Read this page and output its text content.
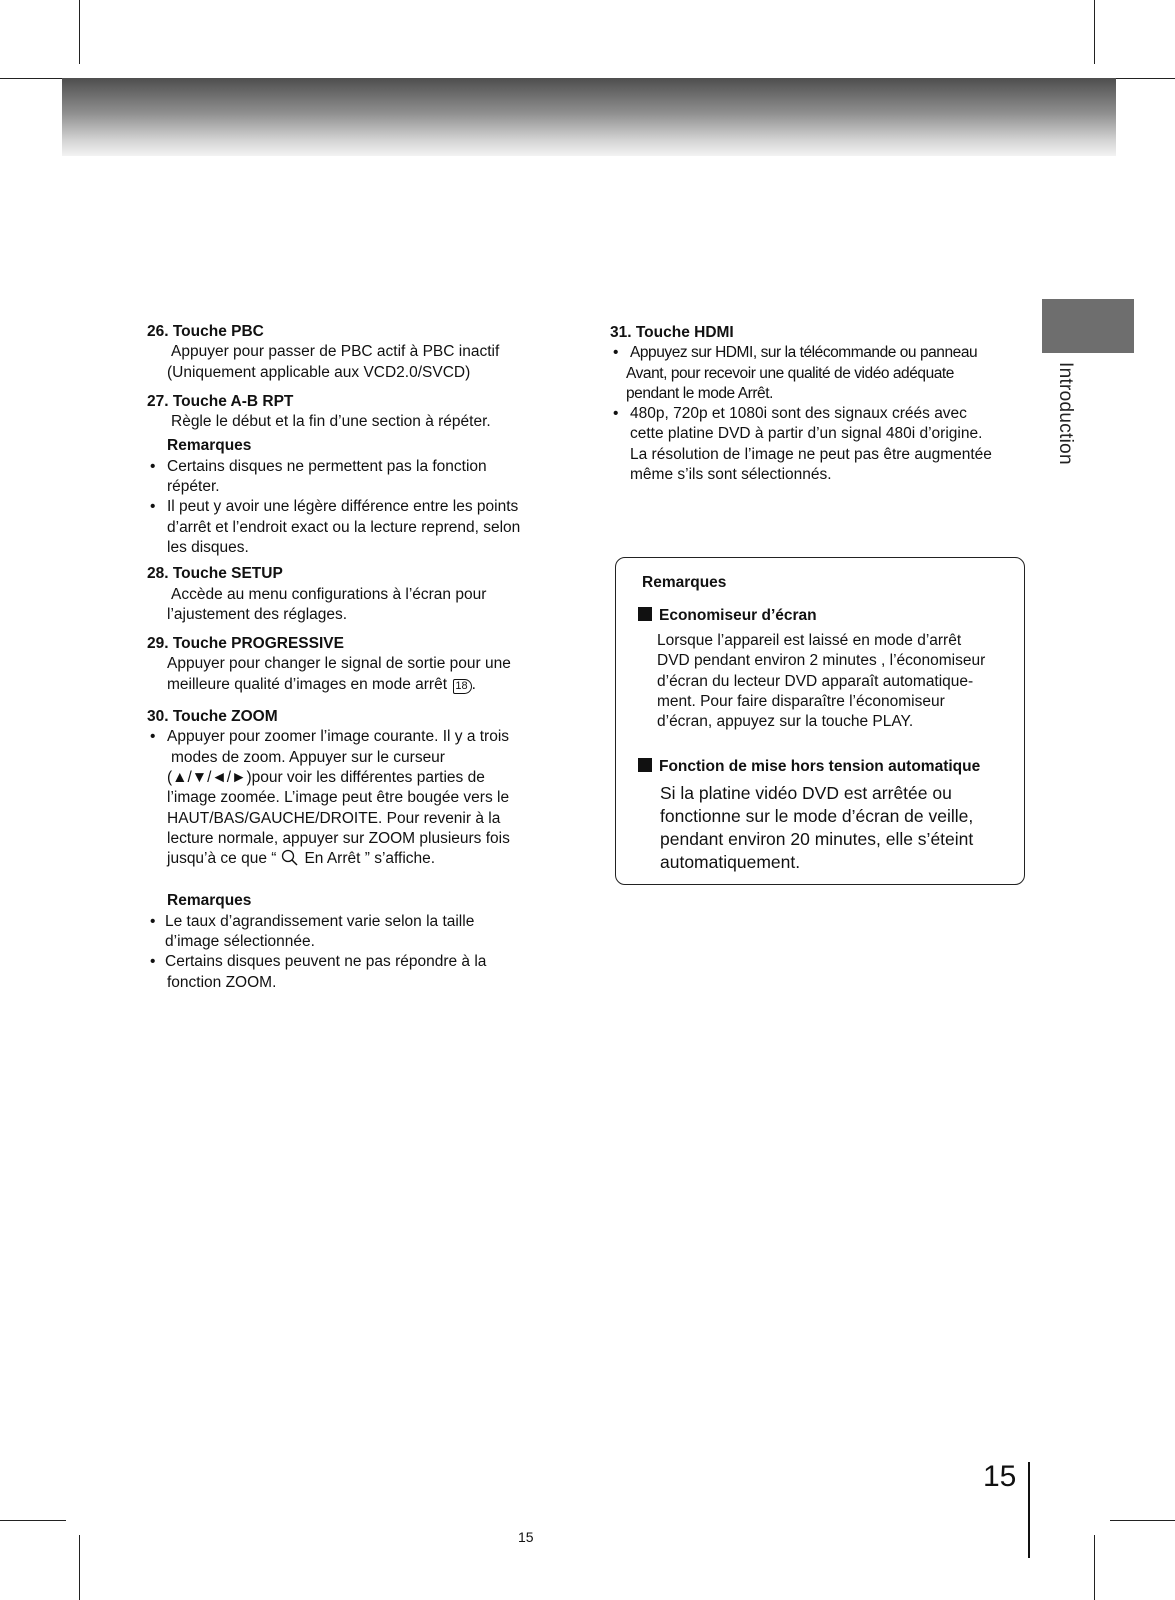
Introduction

26. Touche PBC

Appuyer pour passer de PBC actif à PBC inactif

(Uniquement applicable aux VCD2.0/SVCD)

27. Touche A-B RPT

Règle le début et la fin d’une section à répéter.

Remarques

• Certains disques ne permettent pas la fonction
répéter.
• Il peut y avoir une légère différence entre les points
d’arrêt et l’endroit exact ou la lecture reprend, selon
les disques.

28. Touche SETUP

Accède au menu configurations à l’écran pour

l’ajustement des réglages.

29. Touche PROGRESSIVE

Appuyer pour changer le signal de sortie pour une

meilleure qualité d’images en mode arrêt 18 .

30. Touche ZOOM

• Appuyer pour zoomer l’image courante. Il y a trois
modes de zoom. Appuyer sur le curseur
(▲/▼/◄/►)pour voir les différentes parties de
l’image zoomée. L’image peut être bougée vers le
HAUT/BAS/GAUCHE/DROITE. Pour revenir à la
lecture normale, appuyer sur ZOOM plusieurs fois
jusqu’à ce que “ En Arrêt ” s’affiche.

Remarques

• Le taux d’agrandissement varie selon la taille
d’image sélectionnée.
• Certains disques peuvent ne pas répondre à la
fonction ZOOM.

31. Touche HDMI

• Appuyez sur HDMI, sur la télécommande ou panneau
Avant, pour recevoir une qualité de vidéo adéquate
pendant le mode Arrêt.
• 480p, 720p et 1080i sont des signaux créés avec
cette platine DVD à partir d’un signal 480i d’origine.
La résolution de l’image ne peut pas être augmentée
même s’ils sont sélectionnés.
Remarques
Economiseur d’écran
Lorsque l’appareil est laissé en mode d’arrêt
DVD pendant environ 2 minutes , l’économiseur
d’écran du lecteur DVD apparaît automatique-
ment. Pour faire disparaître l’économiseur
d’écran, appuyez sur la touche PLAY.
Fonction de mise hors tension automatique
Si la platine vidéo DVD est arrêtée ou
fonctionne sur le mode d’écran de veille,
pendant environ 20 minutes, elle s’éteint
automatiquement.
15
15
